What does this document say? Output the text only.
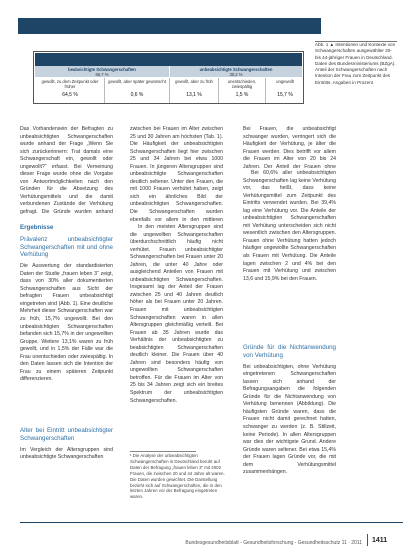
beabsichtigte Schwangerschaften
66,7 %
unbeabsichtigte Schwangerschaften
30,2 %
gewollt, zu dem Zeitpunkt oder früher
64,5 %
gewollt, aber später gewünscht
0,6 %
gewollt, aber zu früh
13,1 %
unentschieden, zwiespältig
1,5 %
ungewollt
15,7 %
Abb. 1 ▲ Intentionen und Kontexte von Schwangerschaften ausgewählter 20- bis 44-jähriger Frauen in Deutschland. Daten des Bundesministeriums (BZgA). Anteil der Schwangerschaften nach Intention der Frau zum Zeitpunkt des Eintritts. Angaben in Prozent

Das Vorhandensein der Befragten zu unbeabsichtigten Schwangerschaften wurde anhand der Frage „Wenn Sie sich zurückerinnern: Trat damals eine Schwangerschaft ein, gewollt oder ungewollt?“ erfasst. Bei Verneinung dieser Frage wurde ohne die Vorgabe von Antwortmöglichkeiten nach den Gründen für die Absetzung des Verhütungsmittels und die damit verbundenen Zustände der Verhütung gefragt. Die Gründe wurden anhand

Ergebnisse

Prävalenz unbeabsichtigter Schwangerschaften mit und ohne Verhütung

Die Auswertung der standardisierten Daten der Studie „frauen leben 3“ zeigt, dass von 30% aller dokumentierten Schwangerschaften aus Sicht der befragten Frauen unbeabsichtigt eingetreten sind (Abb. 1). Eine deutliche Mehrheit dieser Schwangerschaften war zu früh, 15,7% ungewollt. Bei den unbeabsichtigten Schwangerschaften befanden sich 15,7% in der ungewollten Gruppe. Weitere 13,1% waren zu früh gewollt, und in 1,5% der Fälle war die Frau unentschieden oder zwiespältig. In den Daten lassen sich die Intention der Frau zu einem späteren Zeitpunkt differenzieren.

Alter bei Eintritt unbeabsichtigter Schwangerschaften

Im Vergleich der Altersgruppen sind unbeabsichtigte Schwangerschaften

zwischen bei Frauen im Alter zwischen 25 und 30 Jahren am höchsten (Tab. 1). Die Häufigkeit der unbeabsichtigten Schwangerschaften liegt hier zwischen 25 und 34 Jahren bei etwa 1000 Frauen. In jüngeren Altersgruppen sind unbeabsichtigte Schwangerschaften deutlich seltener. Unter den Frauen, die mit 1000 Frauen verhütet haben, zeigt sich ein ähnliches Bild der unbeabsichtigten Schwangerschaften. Die Schwangerschaften wurden ebenfalls vor allem in den mittleren

In den meisten Altersgruppen sind die ungewollten Schwangerschaften überdurchschnittlich häufig nicht verhütet. Frauen unbeabsichtigter Schwangerschaften bei Frauen unter 20 Jahren, die unter 40 Jahre oder ausgleichend Anteilen von Frauen mit unbeabsichtigten Schwangerschaften. Insgesamt lag der Anteil der Frauen zwischen 25 und 40 Jahren deutlich höher als bei Frauen unter 20 Jahren. Frauen mit unbeabsichtigten Schwangerschaften waren in allen Altersgruppen gleichmäßig verteilt. Bei Frauen ab 35 Jahren wurde das Verhältnis der unbeabsichtigten zu beabsichtigten Schwangerschaften deutlich kleiner. Die Frauen über 40 Jahren sind besonders häufig von ungewollten Schwangerschaften betroffen. Für die Frauen im Alter von 25 bis 34 Jahren zeigt sich ein breites Spektrum der unbeabsichtigten Schwangerschaften.

¹ Die Analyse der unbeabsichtigten Schwangerschaften in Deutschland beruht auf Daten der Befragung „frauen leben 3“ mit 4002 Frauen, die zwischen 20 und 44 Jahre alt waren. Die Daten wurden gewichtet. Die Darstellung bezieht sich auf Schwangerschaften, die in den letzten Jahren vor der Befragung eingetreten waren.

Bei Frauen, die unbeabsichtigt schwanger wurden, verringert sich die Häufigkeit der Verhütung, je älter die Frauen werden. Dies betrifft vor allem die Frauen im Alter von 20 bis 24 Jahren. Der Anteil der Frauen ohne

Bei 60,6% aller unbeabsichtigten Schwangerschaften lag keine Verhütung vor, das heißt, dass keine Verhütungsmittel zum Zeitpunkt des Eintritts verwendet wurden. Bei 39,4% lag eine Verhütung vor. Die Anteile der unbeabsichtigten Schwangerschaften mit Verhütung unterscheiden sich nicht wesentlich zwischen den Altersgruppen. Frauen ohne Verhütung hatten jedoch häufiger ungewollte Schwangerschaften als Frauen mit Verhütung. Die Anteile lagen zwischen 2 und 4% bei den Frauen mit Verhütung und zwischen 13,6 und 15,9% bei den Frauen.

Gründe für die Nichtanwendung von Verhütung

Bei unbeabsichtigten, ohne Verhütung eingetretenen Schwangerschaften lassen sich anhand der Befragungsangaben die folgenden Gründe für die Nichtanwendung von Verhütung benennen (Abbildung). Die häufigsten Gründe waren, dass die Frauen nicht damit gerechnet hatten, schwanger zu werden (z. B. Stillzeit, keine Periode). In allen Altersgruppen war dies der wichtigste Grund. Andere Gründe waren seltener. Bei etwa 15,4% der Frauen lagen Gründe vor, die mit dem Verhütungsmittel zusammenhängen.

Bundesgesundheitsblatt - Gesundheitsforschung - Gesundheitsschutz 11 · 2011 1411
